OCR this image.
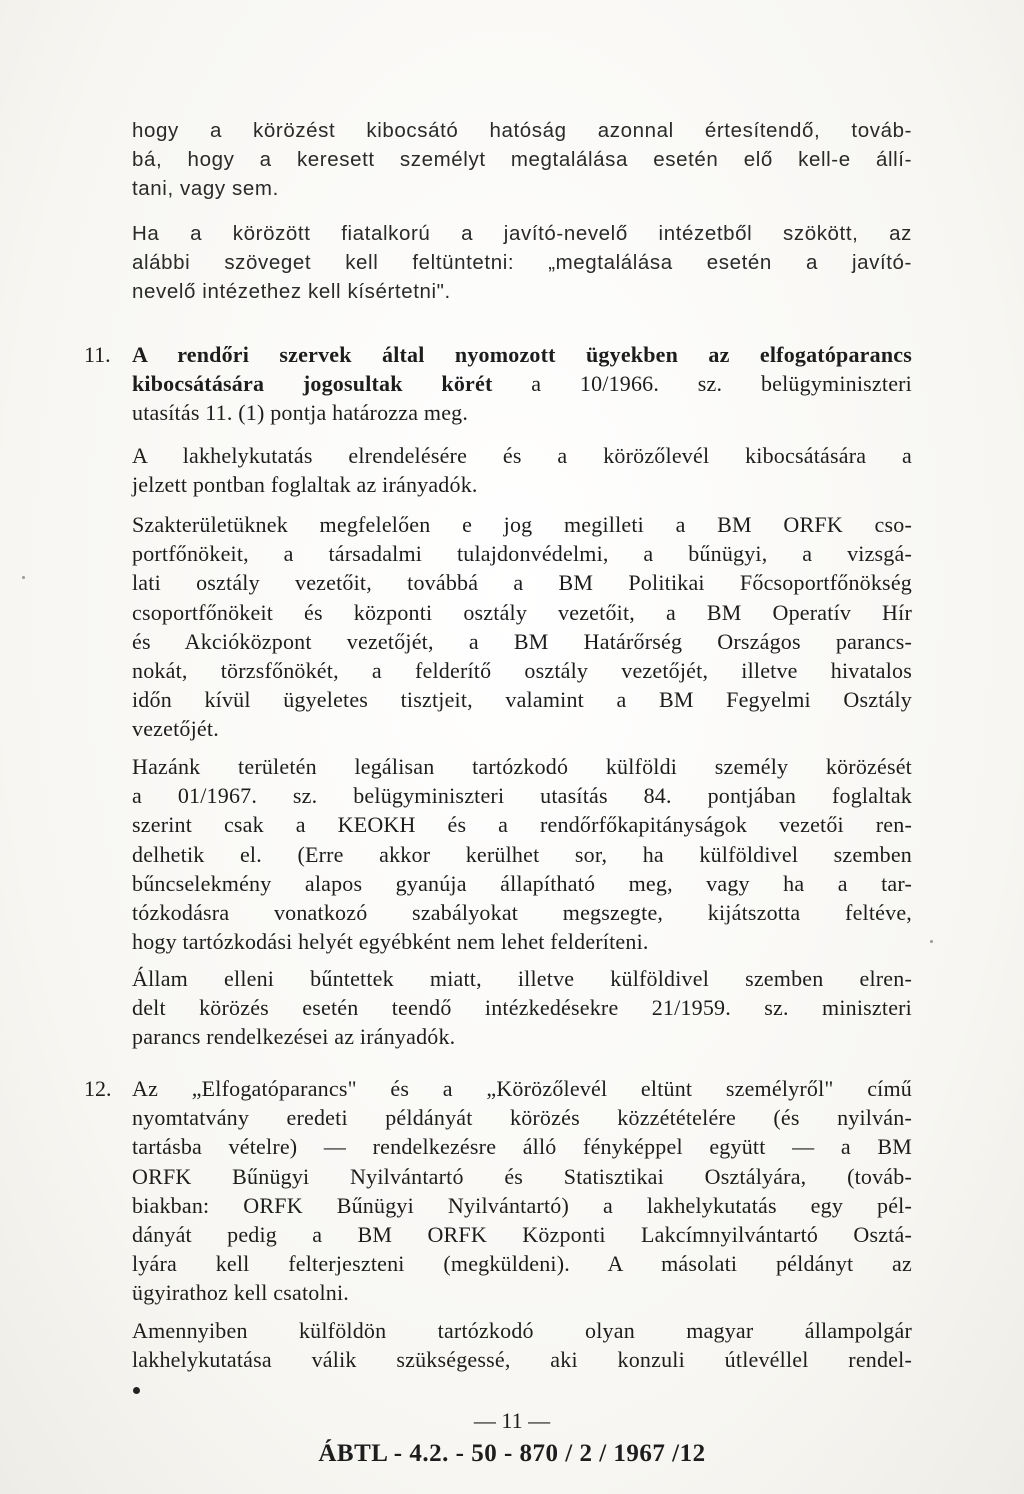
hogy a körözést kibocsátó hatóság azonnal értesítendő, továb-
bá, hogy a keresett személyt megtalálása esetén elő kell-e állí-
tani, vagy sem.
Ha a körözött fiatalkorú a javító-nevelő intézetből szökött, az
alábbi szöveget kell feltüntetni: „megtalálása esetén a javító-
nevelő intézethez kell kísértetni".
11. A rendőri szervek által nyomozott ügyekben az elfogatóparancs
kibocsátására jogosultak körét a 10/1966. sz. belügyminiszteri
utasítás 11. (1) pontja határozza meg.
A lakhelykutatás elrendelésére és a körözőlevél kibocsátására a
jelzett pontban foglaltak az irányadók.
Szakterületüknek megfelelően e jog megilleti a BM ORFK cso-
portfőnökeit, a társadalmi tulajdonvédelmi, a bűnügyi, a vizsgá-
lati osztály vezetőit, továbbá a BM Politikai Főcsoportfőnökség
csoportfőnökeit és központi osztály vezetőit, a BM Operatív Hír
és Akcióközpont vezetőjét, a BM Határőrség Országos parancs-
nokát, törzsfőnökét, a felderítő osztály vezetőjét, illetve hivatalos
időn kívül ügyeletes tisztjeit, valamint a BM Fegyelmi Osztály
vezetőjét.
Hazánk területén legálisan tartózkodó külföldi személy körözését
a 01/1967. sz. belügyminiszteri utasítás 84. pontjában foglaltak
szerint csak a KEOKH és a rendőrfőkapitányságok vezetői ren-
delhetik el. (Erre akkor kerülhet sor, ha külföldivel szemben
bűncselekmény alapos gyanúja állapítható meg, vagy ha a tar-
tózkodásra vonatkozó szabályokat megszegte, kijátszotta feltéve,
hogy tartózkodási helyét egyébként nem lehet felderíteni.
Állam elleni bűntettek miatt, illetve külföldivel szemben elren-
delt körözés esetén teendő intézkedésekre 21/1959. sz. miniszteri
parancs rendelkezései az irányadók.
12. Az „Elfogatóparancs" és a „Körözőlevél eltünt személyről" című
nyomtatvány eredeti példányát körözés közzétételére (és nyilván-
tartásba vételre) — rendelkezésre álló fényképpel együtt — a BM
ORFK Bűnügyi Nyilvántartó és Statisztikai Osztályára, (továb-
biakban: ORFK Bűnügyi Nyilvántartó) a lakhelykutatás egy pél-
dányát pedig a BM ORFK Központi Lakcímnyilvántartó Osztá-
lyára kell felterjeszteni (megküldeni). A másolati példányt az
ügyirathoz kell csatolni.
Amennyiben külföldön tartózkodó olyan magyar állampolgár
lakhelykutatása válik szükségessé, aki konzuli útlevéllel rendel-
— 11 —
ÁBTL - 4.2. - 50 - 870 / 2 / 1967 /12
